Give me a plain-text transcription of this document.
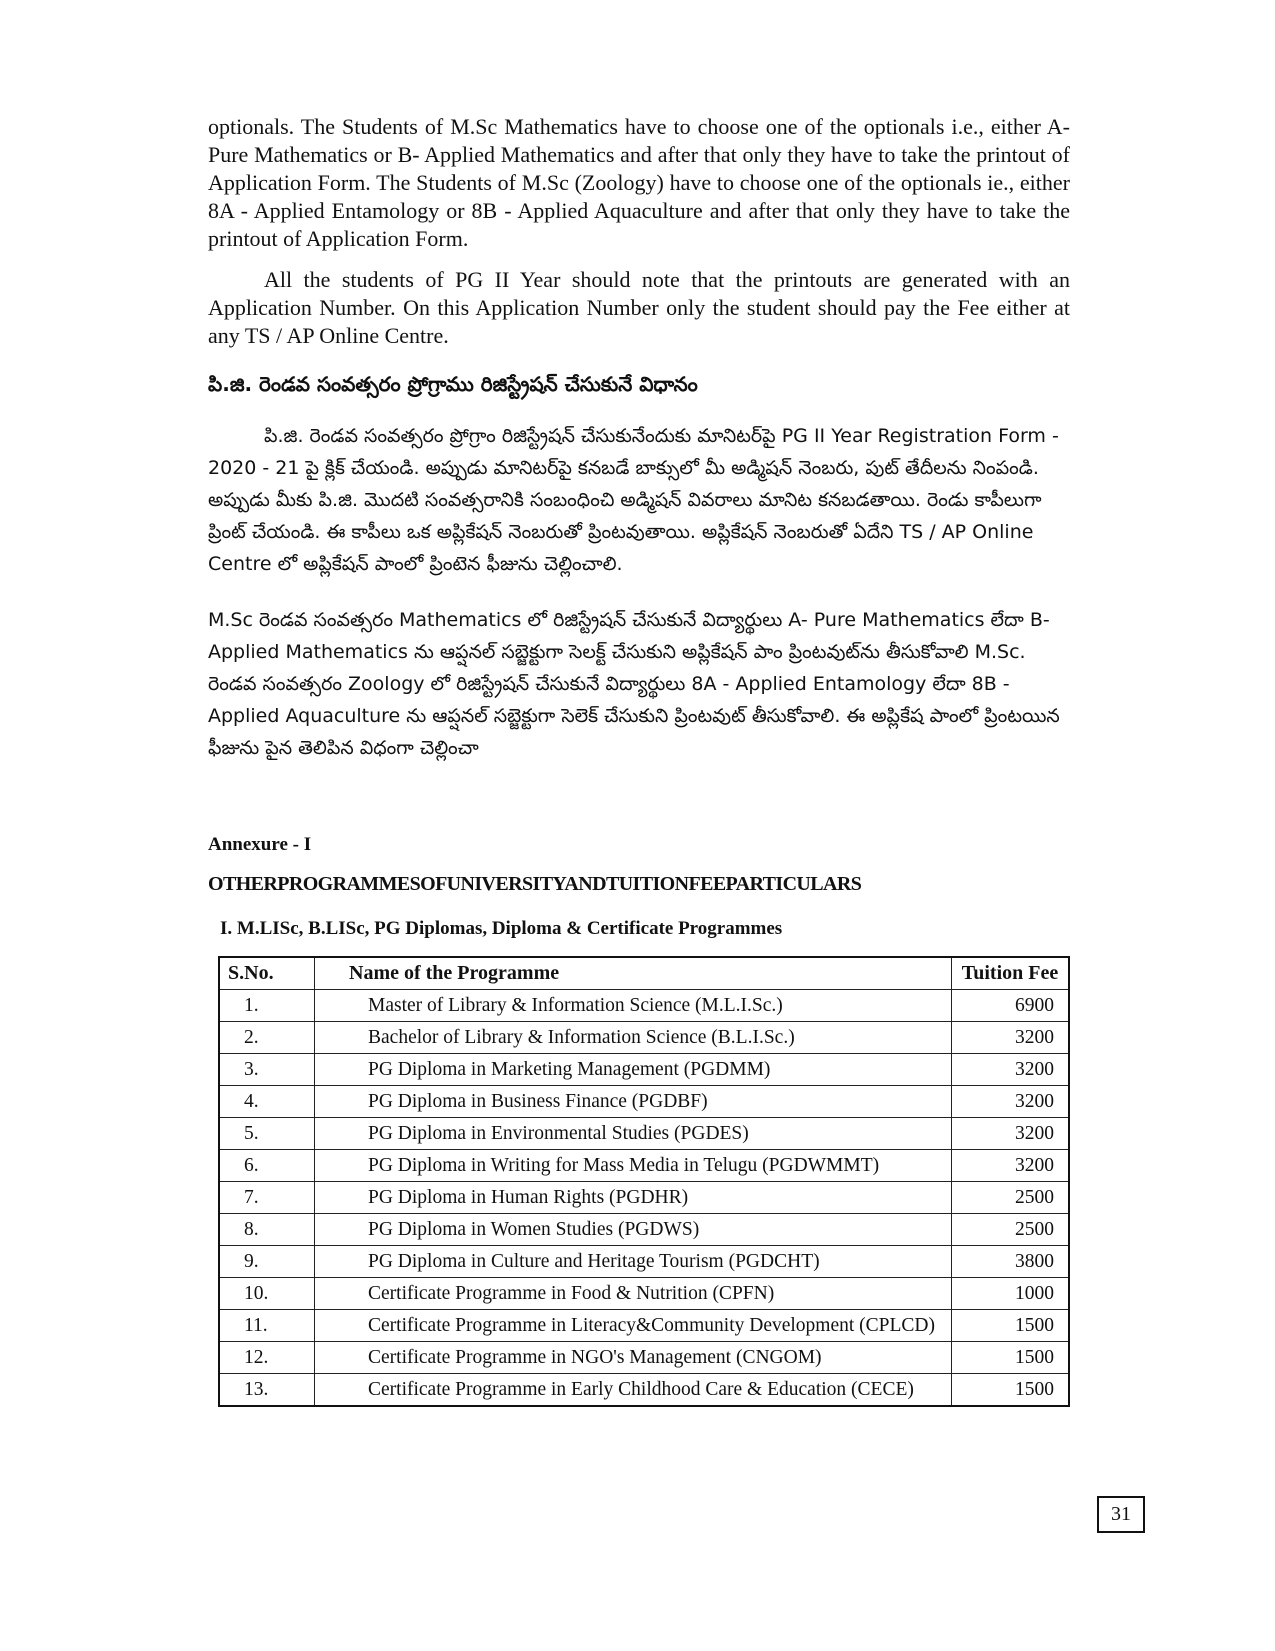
optionals. The Students of M.Sc Mathematics have to choose one of the optionals i.e., either A-Pure Mathematics or B- Applied Mathematics and after that only they have to take the printout of Application Form. The Students of M.Sc (Zoology) have to choose one of the optionals ie., either 8A - Applied Entamology or 8B - Applied Aquaculture and after that only they have to take the printout of Application Form.

All the students of PG II Year should note that the printouts are generated with an Application Number. On this Application Number only the student should pay the Fee either at any TS / AP Online Centre.

పి.జి. రెండవ సంవత్సరం ప్రోగ్రాము రిజిస్ట్రేషన్ చేసుకునే విధానం

పి.జి. రెండవ సంవత్సరం ప్రోగ్రాం రిజిస్ట్రేషన్ చేసుకునేందుకు మానిటర్‌పై PG II Year Registration Form - 2020 - 21 పై క్లిక్ చేయండి. అప్పుడు మానిటర్‌పై కనబడే బాక్సులో మీ అడ్మిషన్ నెంబరు, పుట్ తేదీలను నింపండి. అప్పుడు మీకు పి.జి. మొదటి సంవత్సరానికి సంబంధించి అడ్మిషన్ వివరాలు మానిట కనబడతాయి. రెండు కాపీలుగా ప్రింట్ చేయండి. ఈ కాపీలు ఒక అప్లికేషన్ నెంబరుతో ప్రింటవుతాయి. అప్లికేషన్ నెంబరుతో ఏదేని TS / AP Online Centre లో అప్లికేషన్ పాంలో ప్రింటెన ఫీజును చెల్లించాలి.

M.Sc రెండవ సంవత్సరం Mathematics లో రిజిస్ట్రేషన్ చేసుకునే విద్యార్థులు A- Pure Mathematics లేదా B- Applied Mathematics ను ఆప్షనల్ సబ్జెక్టుగా సెలక్ట్ చేసుకుని అప్లికేషన్ పాం ప్రింటవుట్‌ను తీసుకోవాలి M.Sc. రెండవ సంవత్సరం Zoology లో రిజిస్ట్రేషన్ చేసుకునే విద్యార్థులు 8A - Applied Entamology లేదా 8B - Applied Aquaculture ను ఆప్షనల్ సబ్జెక్టుగా సెలెక్ చేసుకుని ప్రింటవుట్ తీసుకోవాలి. ఈ అప్లికేష పాంలో ప్రింటయిన ఫీజును పైన తెలిపిన విధంగా చెల్లించా

Annexure - I

OTHERPROGRAMMESOFUNIVERSITYANDTUITIONFEEPARTICULARS

I. M.LISc, B.LISc, PG Diplomas, Diploma & Certificate Programmes

S.No.	Name of the Programme	Tuition Fee
1.	Master of Library & Information Science (M.L.I.Sc.)	6900
2.	Bachelor of Library & Information Science (B.L.I.Sc.)	3200
3.	PG Diploma in Marketing Management (PGDMM)	3200
4.	PG Diploma in Business Finance (PGDBF)	3200
5.	PG Diploma in Environmental Studies (PGDES)	3200
6.	PG Diploma in Writing for Mass Media in Telugu (PGDWMMT)	3200
7.	PG Diploma in Human Rights (PGDHR)	2500
8.	PG Diploma in Women Studies (PGDWS)	2500
9.	PG Diploma in Culture and Heritage Tourism (PGDCHT)	3800
10.	Certificate Programme in Food & Nutrition (CPFN)	1000
11.	Certificate Programme in Literacy&Community Development (CPLCD)	1500
12.	Certificate Programme in NGO's Management (CNGOM)	1500
13.	Certificate Programme in Early Childhood Care & Education (CECE)	1500
31
